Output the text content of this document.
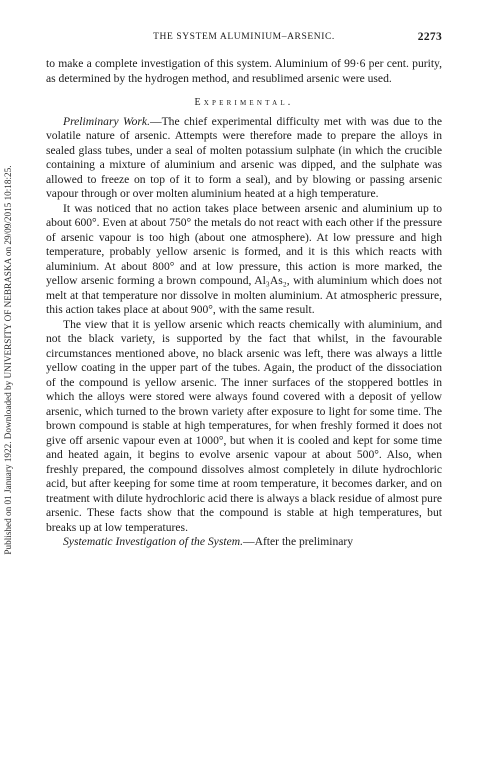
Published on 01 January 1922. Downloaded by UNIVERSITY OF NEBRASKA on 29/09/2015 10:18:25.
THE SYSTEM ALUMINIUM–ARSENIC.	2273

to make a complete investigation of this system. Aluminium of 99·6 per cent. purity, as determined by the hydrogen method, and resublimed arsenic were used.

Experimental.

Preliminary Work.—The chief experimental difficulty met with was due to the volatile nature of arsenic. Attempts were therefore made to prepare the alloys in sealed glass tubes, under a seal of molten potassium sulphate (in which the crucible containing a mixture of aluminium and arsenic was dipped, and the sulphate was allowed to freeze on top of it to form a seal), and by blowing or passing arsenic vapour through or over molten aluminium heated at a high temperature.

It was noticed that no action takes place between arsenic and aluminium up to about 600°. Even at about 750° the metals do not react with each other if the pressure of arsenic vapour is too high (about one atmosphere). At low pressure and high temperature, probably yellow arsenic is formed, and it is this which reacts with aluminium. At about 800° and at low pressure, this action is more marked, the yellow arsenic forming a brown compound, Al₃As₂, with aluminium which does not melt at that temperature nor dissolve in molten aluminium. At atmospheric pressure, this action takes place at about 900°, with the same result.

The view that it is yellow arsenic which reacts chemically with aluminium, and not the black variety, is supported by the fact that whilst, in the favourable circumstances mentioned above, no black arsenic was left, there was always a little yellow coating in the upper part of the tubes. Again, the product of the dissociation of the compound is yellow arsenic. The inner surfaces of the stoppered bottles in which the alloys were stored were always found covered with a deposit of yellow arsenic, which turned to the brown variety after exposure to light for some time. The brown compound is stable at high temperatures, for when freshly formed it does not give off arsenic vapour even at 1000°, but when it is cooled and kept for some time and heated again, it begins to evolve arsenic vapour at about 500°. Also, when freshly prepared, the compound dissolves almost completely in dilute hydrochloric acid, but after keeping for some time at room temperature, it becomes darker, and on treatment with dilute hydrochloric acid there is always a black residue of almost pure arsenic. These facts show that the compound is stable at high temperatures, but breaks up at low temperatures.

Systematic Investigation of the System.—After the preliminary
